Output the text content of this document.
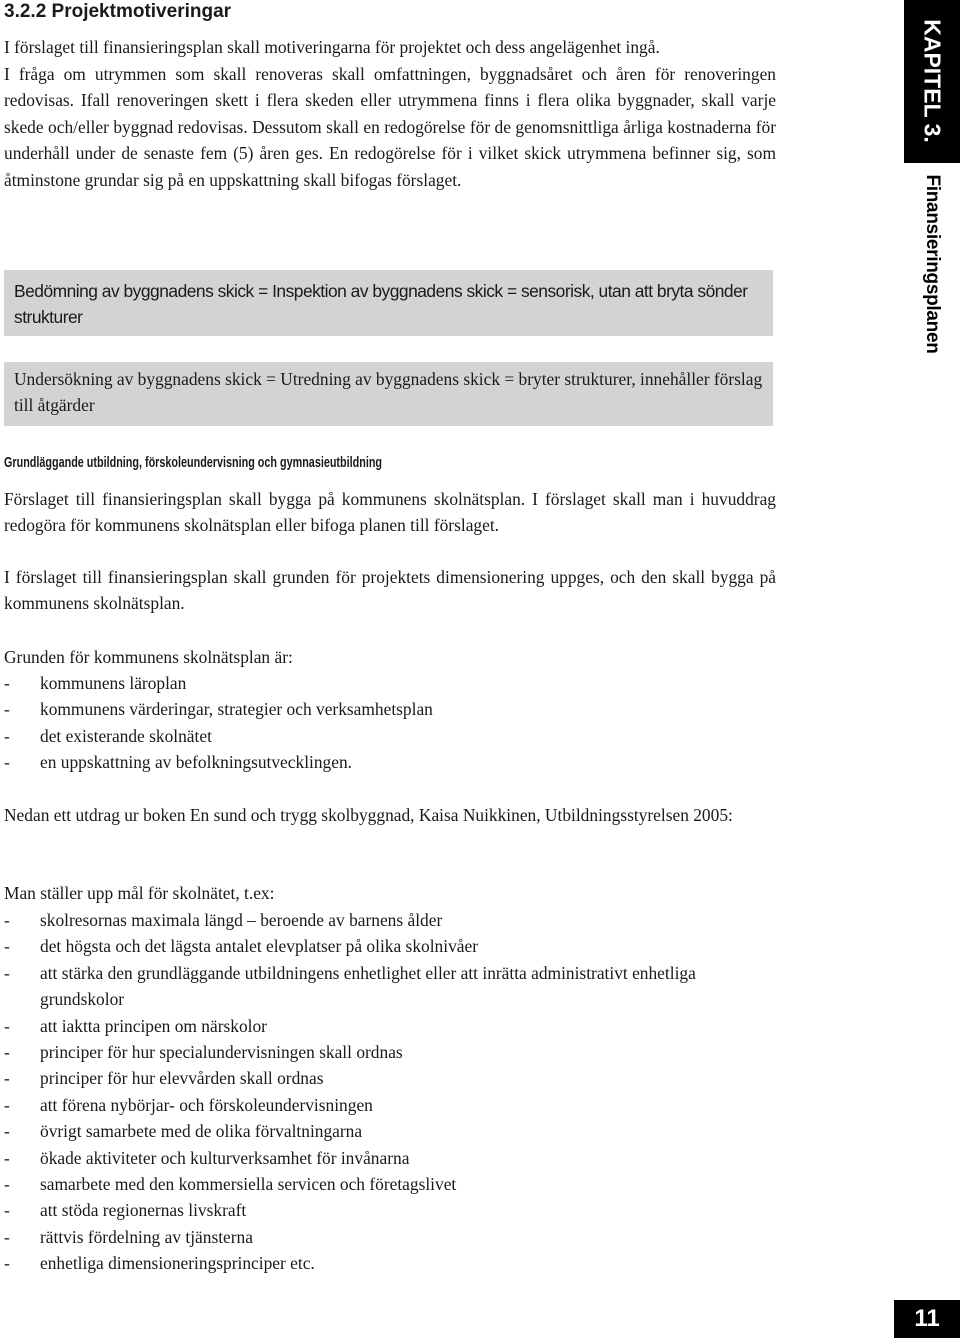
3.2.2 Projektmotiveringar

I förslaget till finansieringsplan skall motiveringarna för projektet och dess angelägenhet ingå.

I fråga om utrymmen som skall renoveras skall omfattningen, byggnadsåret och åren för renoveringen redovisas. Ifall renoveringen skett i flera skeden eller utrymmena finns i flera olika byggnader, skall varje skede och/eller byggnad redovisas. Dessutom skall en redogörelse för de genomsnittliga årliga kostnaderna för underhåll under de senaste fem (5) åren ges. En redogörelse för i vilket skick utrymmena befinner sig, som åtminstone grundar sig på en uppskattning skall bifogas förslaget.

Bedömning av byggnadens skick = Inspektion av byggnadens skick = sensorisk, utan att bryta sönder strukturer

Undersökning av byggnadens skick = Utredning av byggnadens skick = bryter strukturer, innehåller förslag till åtgärder

Grundläggande utbildning, förskoleundervisning och gymnasieutbildning

Förslaget till finansieringsplan skall bygga på kommunens skolnätsplan. I förslaget skall man i huvuddrag redogöra för kommunens skolnätsplan eller bifoga planen till förslaget.

I förslaget till finansieringsplan skall grunden för projektets dimensionering uppges, och den skall bygga på kommunens skolnätsplan.

Grunden för kommunens skolnätsplan är:

- kommunens läroplan
- kommunens värderingar, strategier och verksamhetsplan
- det existerande skolnätet
- en uppskattning av befolkningsutvecklingen.

Nedan ett utdrag ur boken En sund och trygg skolbyggnad, Kaisa Nuikkinen, Utbildningsstyrelsen 2005:

Man ställer upp mål för skolnätet, t.ex:

- skolresornas maximala längd – beroende av barnens ålder
- det högsta och det lägsta antalet elevplatser på olika skolnivåer
- att stärka den grundläggande utbildningens enhetlighet eller att inrätta administrativt enhetliga grundskolor
- att iaktta principen om närskolor
- principer för hur specialundervisningen skall ordnas
- principer för hur elevvården skall ordnas
- att förena nybörjar- och förskoleundervisningen
- övrigt samarbete med de olika förvaltningarna
- ökade aktiviteter och kulturverksamhet för invånarna
- samarbete med den kommersiella servicen och företagslivet
- att stöda regionernas livskraft
- rättvis fördelning av tjänsterna
- enhetliga dimensioneringsprinciper etc.
KAPITEL 3.
Finansieringsplanen
11
